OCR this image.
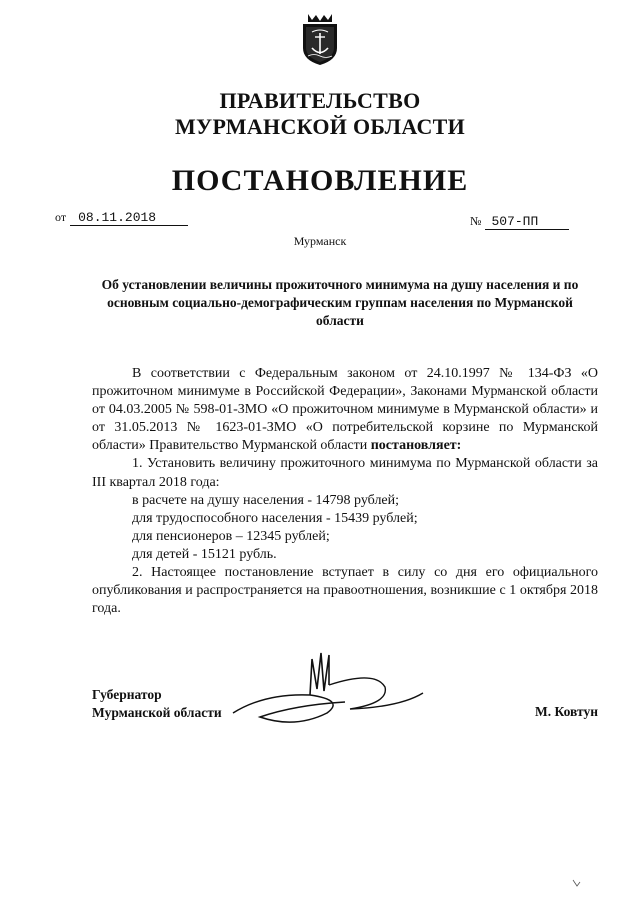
ПРАВИТЕЛЬСТВО
МУРМАНСКОЙ ОБЛАСТИ
ПОСТАНОВЛЕНИЕ
от 08.11.2018	№ 507-ПП
Мурманск
Об установлении величины прожиточного минимума на душу населения и по основным социально-демографическим группам населения по Мурманской области

В соответствии с Федеральным законом от 24.10.1997 № 134-ФЗ «О прожиточном минимуме в Российской Федерации», Законами Мурманской области от 04.03.2005 № 598-01-ЗМО «О прожиточном минимуме в Мурманской области» и от 31.05.2013 № 1623-01-ЗМО «О потребительской корзине по Мурманской области» Правительство Мурманской области постановляет:

1. Установить величину прожиточного минимума по Мурманской области за III квартал 2018 года:

в расчете на душу населения - 14798 рублей;

для трудоспособного населения - 15439 рублей;

для пенсионеров – 12345 рублей;

для детей - 15121 рубль.

2. Настоящее постановление вступает в силу со дня его официального опубликования и распространяется на правоотношения, возникшие с 1 октября 2018 года.

Губернатор
Мурманской области	М. Ковтун
